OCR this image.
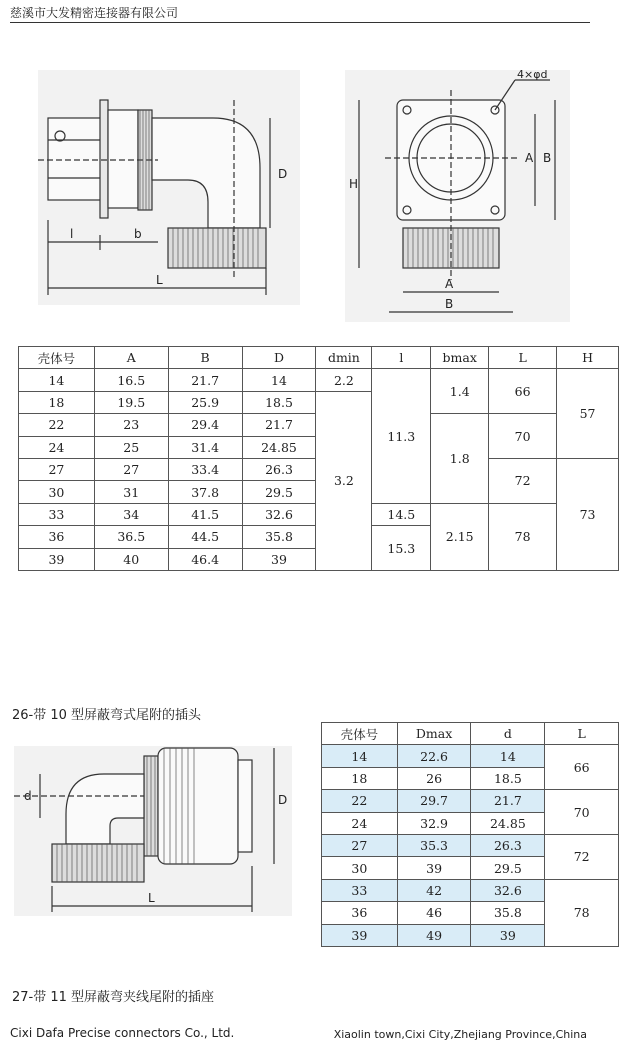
慈溪市大发精密连接器有限公司
D
l	b
L
4×φd
A B
H
A
B
壳体号	A	B	D	dmin	l	bmax	L	H
14	16.5	21.7	14	2.2	11.3	1.4	66	57
18	19.5	25.9	18.5	3.2				
22	23	29.4	21.7			1.8	70	
24	25	31.4	24.85					
27	27	33.4	26.3				72	73
30	31	37.8	29.5					
33	34	41.5	32.6		14.5	2.15	78	
36	36.5	44.5	35.8		15.3			
39	40	46.4	39					
26-带 10 型屏蔽弯式尾附的插头
d	D
L
壳体号	Dmax	d	L
14	22.6	14	66
18	26	18.5	
22	29.7	21.7	70
24	32.9	24.85	
27	35.3	26.3	72
30	39	29.5	
33	42	32.6	78
36	46	35.8	
39	49	39	
27-带 11 型屏蔽弯夹线尾附的插座
Cixi Dafa Precise connectors Co., Ltd.	Xiaolin town,Cixi City,Zhejiang Province,China
